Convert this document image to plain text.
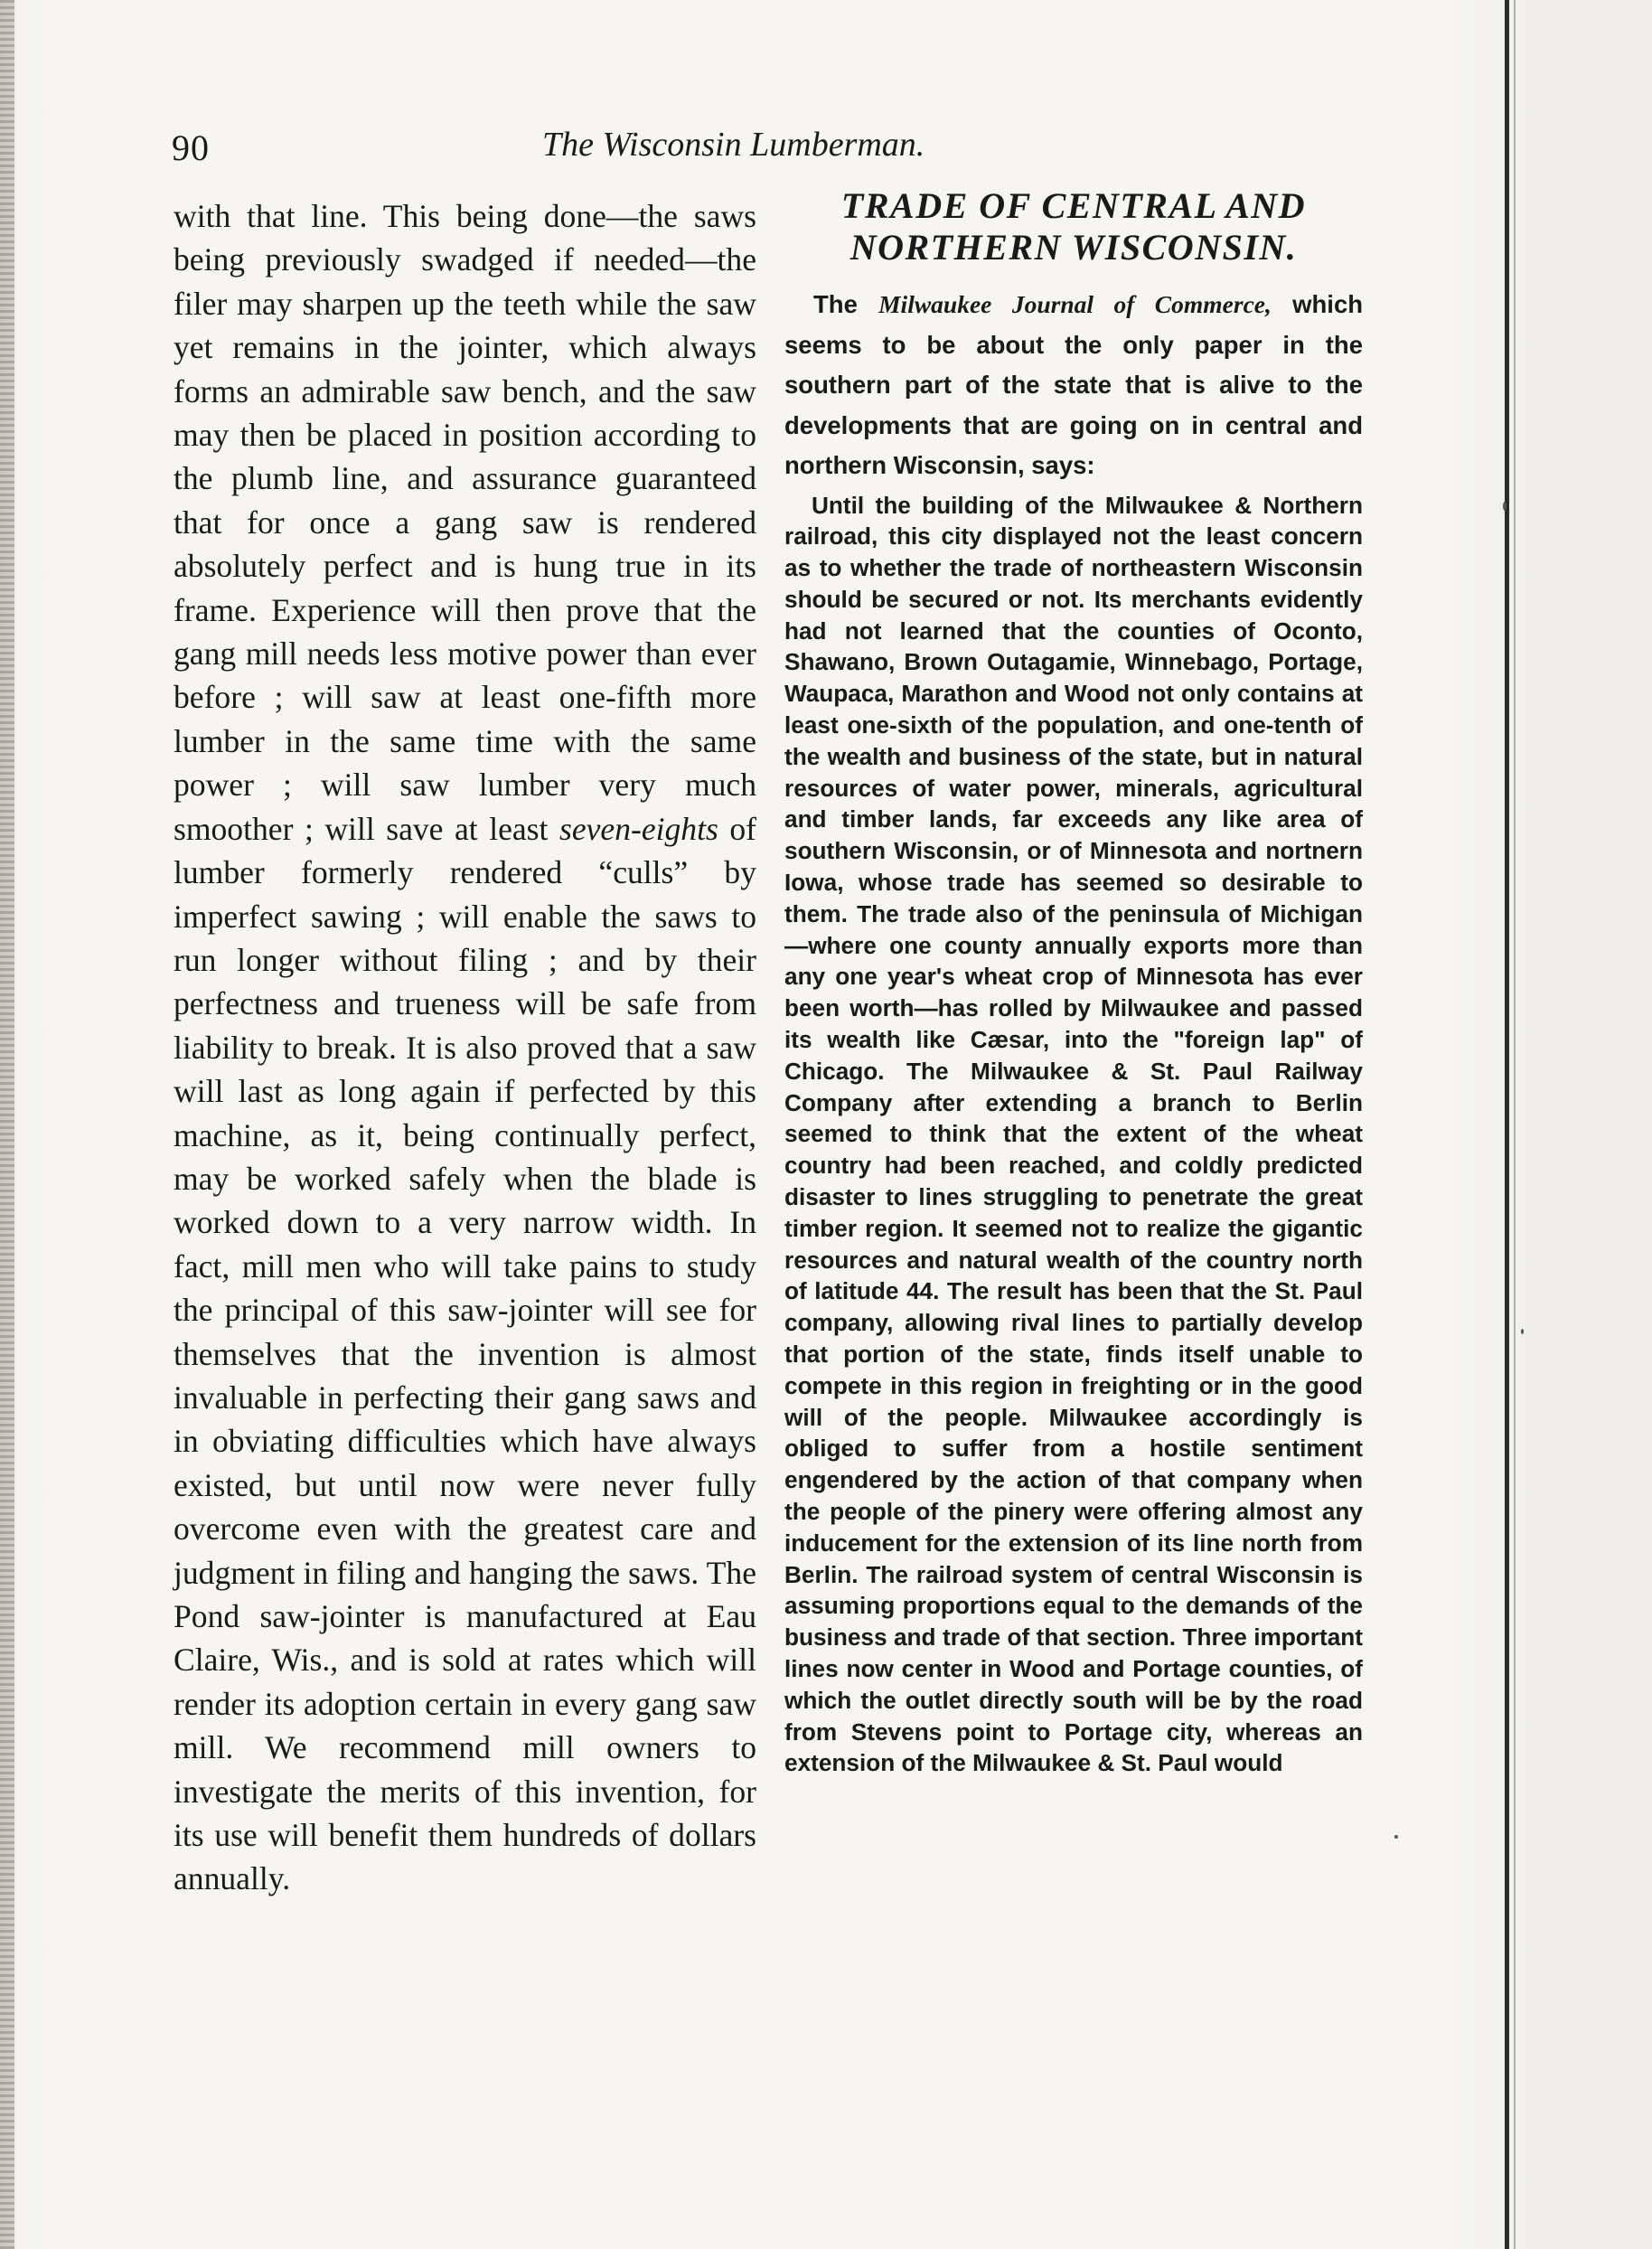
90	The Wisconsin Lumberman.

with that line. This being done—the saws being previously swadged if needed—the filer may sharpen up the teeth while the saw yet remains in the jointer, which always forms an admirable saw bench, and the saw may then be placed in position according to the plumb line, and assurance guaranteed that for once a gang saw is rendered absolutely perfect and is hung true in its frame. Experience will then prove that the gang mill needs less motive power than ever before ; will saw at least one-fifth more lumber in the same time with the same power ; will saw lumber very much smoother ; will save at least seven-eights of lumber formerly rendered “culls” by imperfect sawing ; will enable the saws to run longer without filing ; and by their perfectness and trueness will be safe from liability to break. It is also proved that a saw will last as long again if perfected by this machine, as it, being continually perfect, may be worked safely when the blade is worked down to a very narrow width. In fact, mill men who will take pains to study the principal of this saw-jointer will see for themselves that the invention is almost invaluable in perfecting their gang saws and in obviating difficulties which have always existed, but until now were never fully overcome even with the greatest care and judgment in filing and hanging the saws. The Pond saw-jointer is manufactured at Eau Claire, Wis., and is sold at rates which will render its adoption certain in every gang saw mill. We recommend mill owners to investigate the merits of this invention, for its use will benefit them hundreds of dollars annually.

TRADE OF CENTRAL AND NORTHERN WISCONSIN.

The Milwaukee Journal of Commerce, which seems to be about the only paper in the southern part of the state that is alive to the developments that are going on in central and northern Wisconsin, says:

Until the building of the Milwaukee & Northern railroad, this city displayed not the least concern as to whether the trade of northeastern Wisconsin should be secured or not. Its merchants evidently had not learned that the counties of Oconto, Shawano, Brown Outagamie, Winnebago, Portage, Waupaca, Marathon and Wood not only contains at least one-sixth of the population, and one-tenth of the wealth and business of the state, but in natural resources of water power, minerals, agricultural and timber lands, far exceeds any like area of southern Wisconsin, or of Minnesota and nortnern Iowa, whose trade has seemed so desirable to them. The trade also of the peninsula of Michigan—where one county annually exports more than any one year's wheat crop of Minnesota has ever been worth—has rolled by Milwaukee and passed its wealth like Cæsar, into the "foreign lap" of Chicago. The Milwaukee & St. Paul Railway Company after extending a branch to Berlin seemed to think that the extent of the wheat country had been reached, and coldly predicted disaster to lines struggling to penetrate the great timber region. It seemed not to realize the gigantic resources and natural wealth of the country north of latitude 44. The result has been that the St. Paul company, allowing rival lines to partially develop that portion of the state, finds itself unable to compete in this region in freighting or in the good will of the people. Milwaukee accordingly is obliged to suffer from a hostile sentiment engendered by the action of that company when the people of the pinery were offering almost any inducement for the extension of its line north from Berlin. The railroad system of central Wisconsin is assuming proportions equal to the demands of the business and trade of that section. Three important lines now center in Wood and Portage counties, of which the outlet directly south will be by the road from Stevens point to Portage city, whereas an extension of the Milwaukee & St. Paul would
